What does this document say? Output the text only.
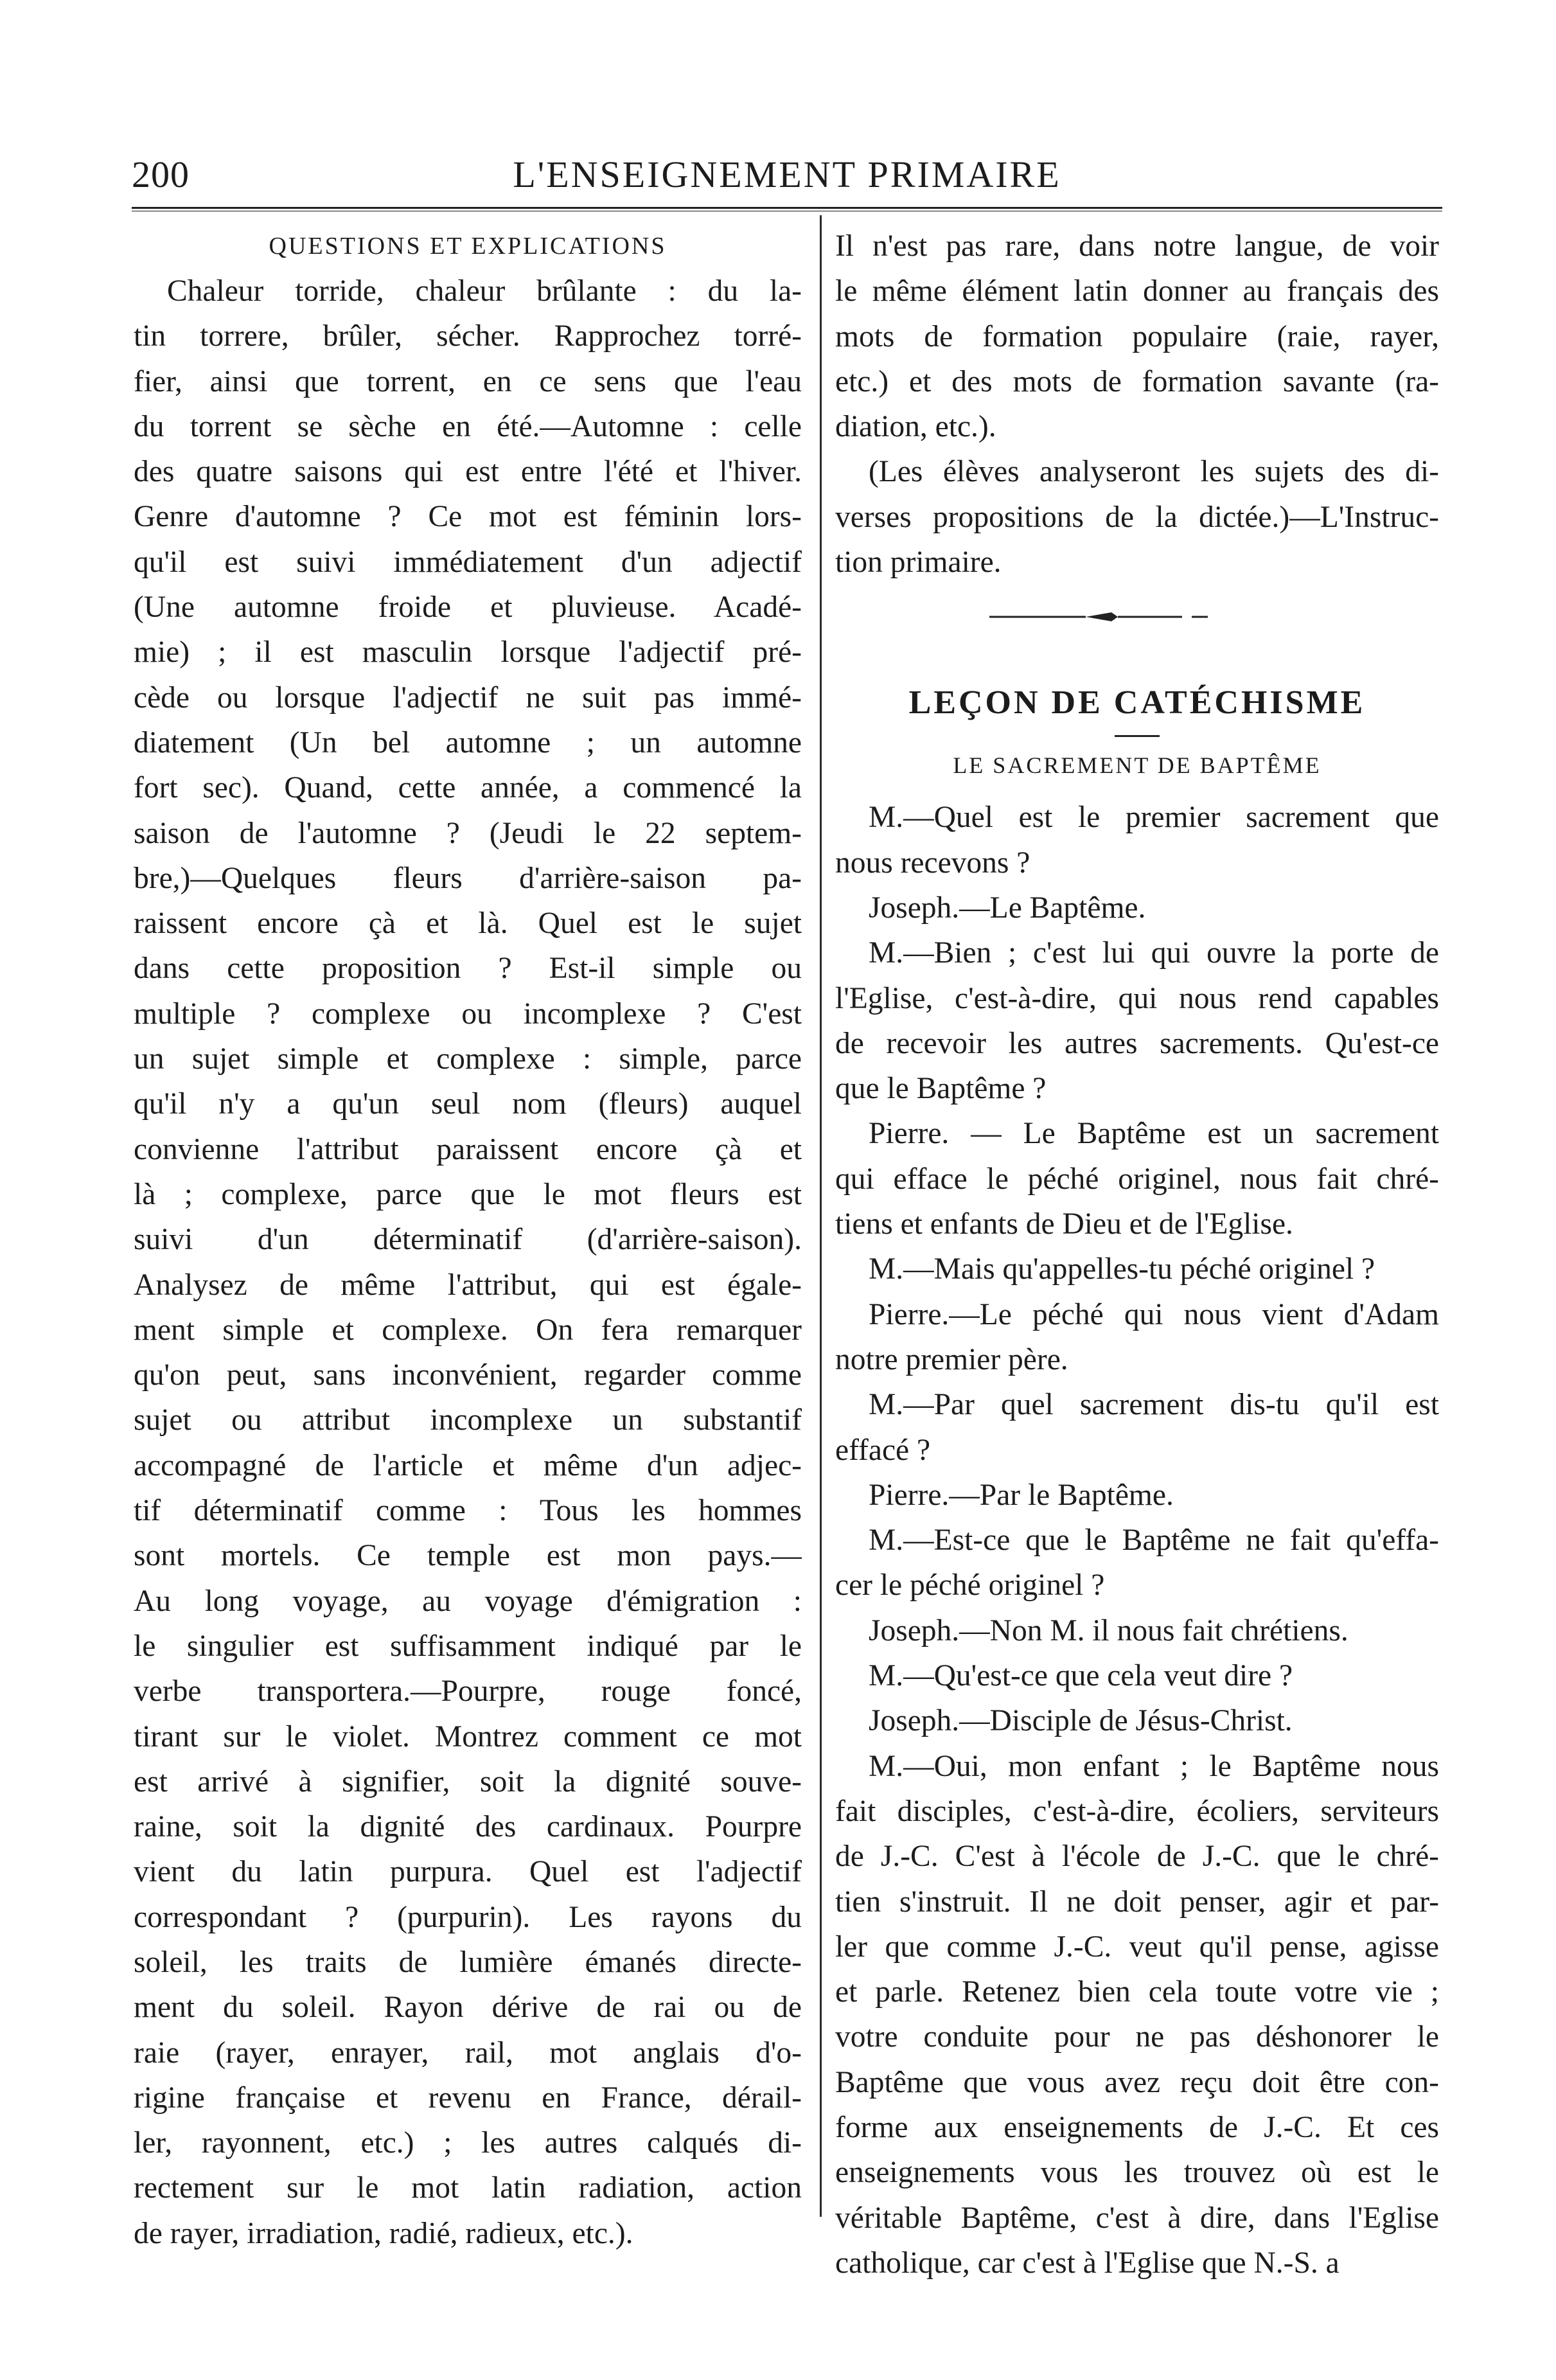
200	L'ENSEIGNEMENT PRIMAIRE
QUESTIONS ET EXPLICATIONS
Chaleur torride, chaleur brûlante : du la-
tin torrere, brûler, sécher. Rapprochez torré-
fier, ainsi que torrent, en ce sens que l'eau
du torrent se sèche en été.—Automne : celle
des quatre saisons qui est entre l'été et l'hiver.
Genre d'automne ? Ce mot est féminin lors-
qu'il est suivi immédiatement d'un adjectif
(Une automne froide et pluvieuse. Acadé-
mie) ; il est masculin lorsque l'adjectif pré-
cède ou lorsque l'adjectif ne suit pas immé-
diatement (Un bel automne ; un automne
fort sec). Quand, cette année, a commencé la
saison de l'automne ? (Jeudi le 22 septem-
bre,)—Quelques fleurs d'arrière-saison pa-
raissent encore çà et là. Quel est le sujet
dans cette proposition ? Est-il simple ou
multiple ? complexe ou incomplexe ? C'est
un sujet simple et complexe : simple, parce
qu'il n'y a qu'un seul nom (fleurs) auquel
convienne l'attribut paraissent encore çà et
là ; complexe, parce que le mot fleurs est
suivi d'un déterminatif (d'arrière-saison).
Analysez de même l'attribut, qui est égale-
ment simple et complexe. On fera remarquer
qu'on peut, sans inconvénient, regarder comme
sujet ou attribut incomplexe un substantif
accompagné de l'article et même d'un adjec-
tif déterminatif comme : Tous les hommes
sont mortels. Ce temple est mon pays.—
Au long voyage, au voyage d'émigration :
le singulier est suffisamment indiqué par le
verbe transportera.—Pourpre, rouge foncé,
tirant sur le violet. Montrez comment ce mot
est arrivé à signifier, soit la dignité souve-
raine, soit la dignité des cardinaux. Pourpre
vient du latin purpura. Quel est l'adjectif
correspondant ? (purpurin). Les rayons du
soleil, les traits de lumière émanés directe-
ment du soleil. Rayon dérive de rai ou de
raie (rayer, enrayer, rail, mot anglais d'o-
rigine française et revenu en France, dérail-
ler, rayonnent, etc.) ; les autres calqués di-
rectement sur le mot latin radiation, action
de rayer, irradiation, radié, radieux, etc.).
Il n'est pas rare, dans notre langue, de voir
le même élément latin donner au français des
mots de formation populaire (raie, rayer,
etc.) et des mots de formation savante (ra-
diation, etc.).
(Les élèves analyseront les sujets des di-
verses propositions de la dictée.)—L'Instruc-
tion primaire.
LEÇON DE CATÉCHISME
LE SACREMENT DE BAPTÊME
M.—Quel est le premier sacrement que
nous recevons ?
Joseph.—Le Baptême.
M.—Bien ; c'est lui qui ouvre la porte de
l'Eglise, c'est-à-dire, qui nous rend capables
de recevoir les autres sacrements. Qu'est-ce
que le Baptême ?
Pierre. — Le Baptême est un sacrement
qui efface le péché originel, nous fait chré-
tiens et enfants de Dieu et de l'Eglise.
M.—Mais qu'appelles-tu péché originel ?
Pierre.—Le péché qui nous vient d'Adam
notre premier père.
M.—Par quel sacrement dis-tu qu'il est
effacé ?
Pierre.—Par le Baptême.
M.—Est-ce que le Baptême ne fait qu'effa-
cer le péché originel ?
Joseph.—Non M. il nous fait chrétiens.
M.—Qu'est-ce que cela veut dire ?
Joseph.—Disciple de Jésus-Christ.
M.—Oui, mon enfant ; le Baptême nous
fait disciples, c'est-à-dire, écoliers, serviteurs
de J.-C. C'est à l'école de J.-C. que le chré-
tien s'instruit. Il ne doit penser, agir et par-
ler que comme J.-C. veut qu'il pense, agisse
et parle. Retenez bien cela toute votre vie ;
votre conduite pour ne pas déshonorer le
Baptême que vous avez reçu doit être con-
forme aux enseignements de J.-C. Et ces
enseignements vous les trouvez où est le
véritable Baptême, c'est à dire, dans l'Eglise
catholique, car c'est à l'Eglise que N.-S. a
